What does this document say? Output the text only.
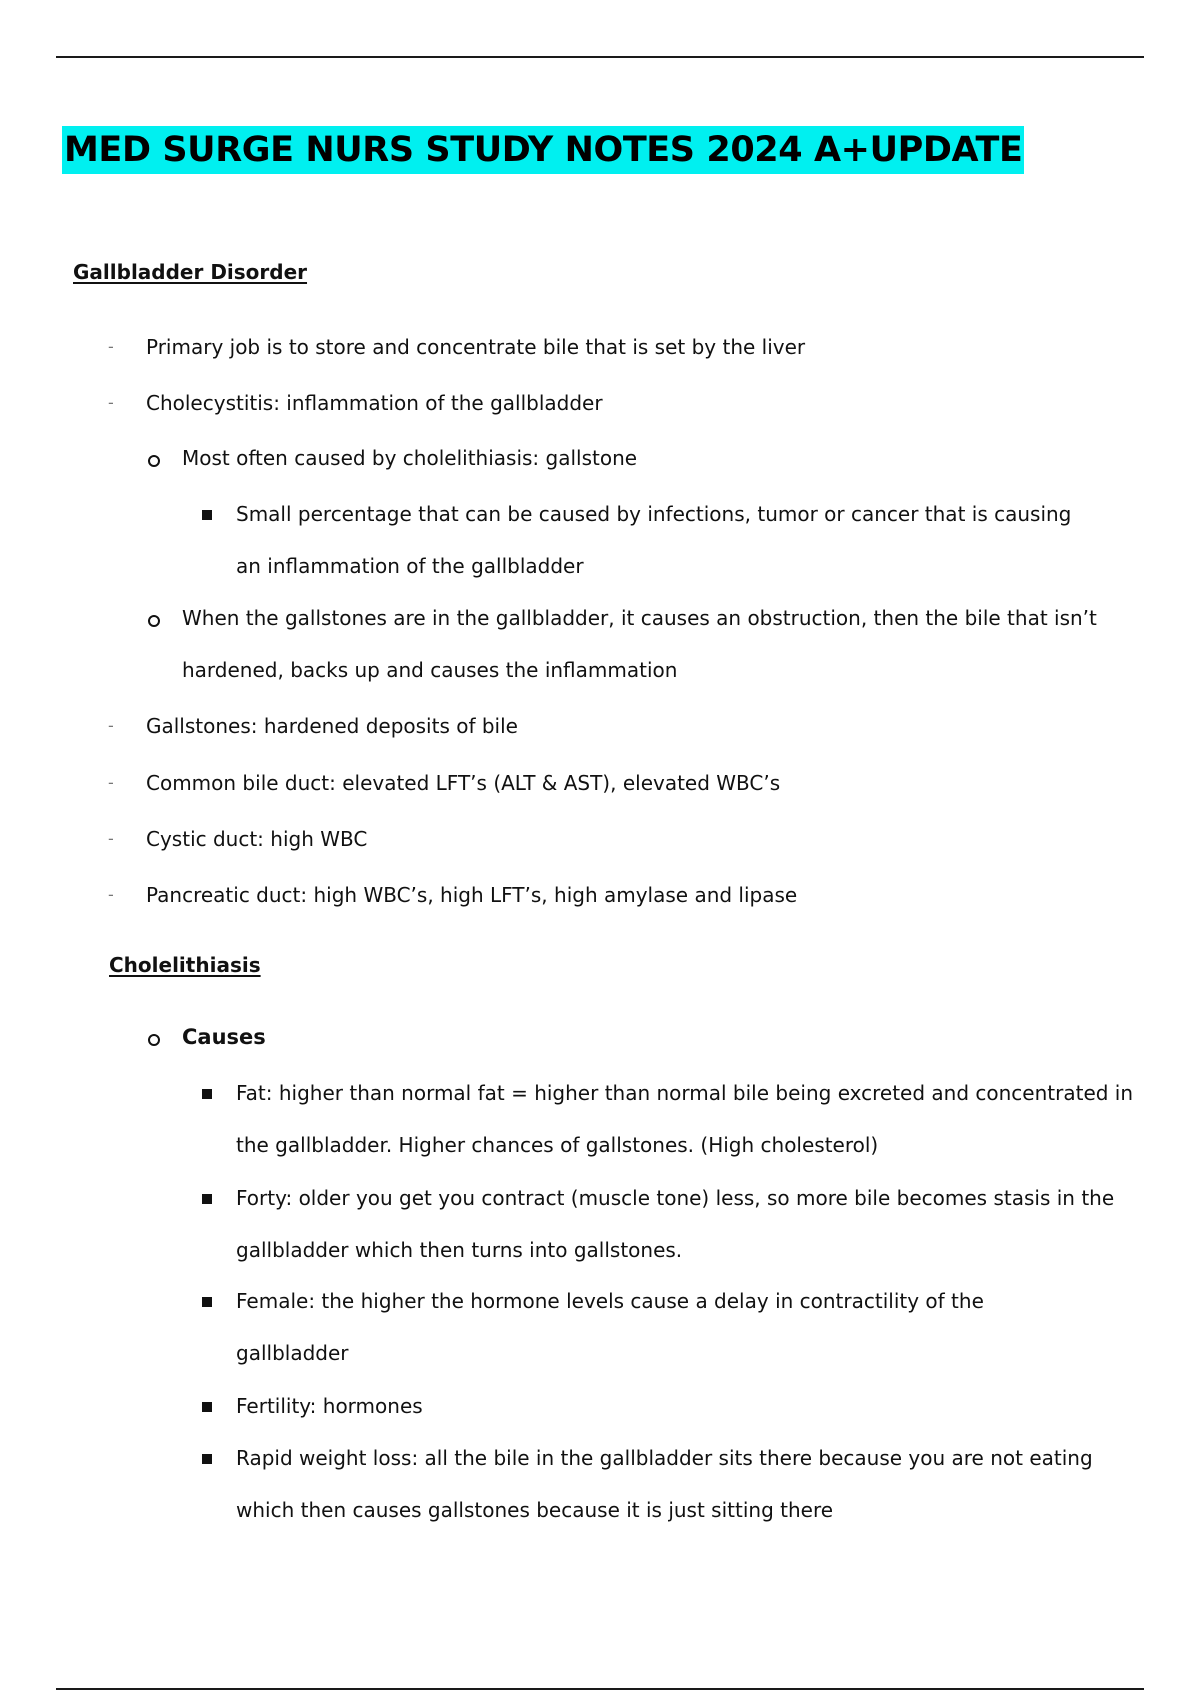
MED SURGE NURS STUDY NOTES 2024 A+UPDATE
Gallbladder Disorder
- Primary job is to store and concentrate bile that is set by the liver
- Cholecystitis: inflammation of the gallbladder
Most often caused by cholelithiasis: gallstone
Small percentage that can be caused by infections, tumor or cancer that is causing an inflammation of the gallbladder
When the gallstones are in the gallbladder, it causes an obstruction, then the bile that isn’t hardened, backs up and causes the inflammation
- Gallstones: hardened deposits of bile
- Common bile duct: elevated LFT’s (ALT & AST), elevated WBC’s
- Cystic duct: high WBC
- Pancreatic duct: high WBC’s, high LFT’s, high amylase and lipase
Cholelithiasis
Causes
Fat: higher than normal fat = higher than normal bile being excreted and concentrated in the gallbladder. Higher chances of gallstones. (High cholesterol)
Forty: older you get you contract (muscle tone) less, so more bile becomes stasis in the gallbladder which then turns into gallstones.
Female: the higher the hormone levels cause a delay in contractility of the gallbladder
Fertility: hormones
Rapid weight loss: all the bile in the gallbladder sits there because you are not eating which then causes gallstones because it is just sitting there
